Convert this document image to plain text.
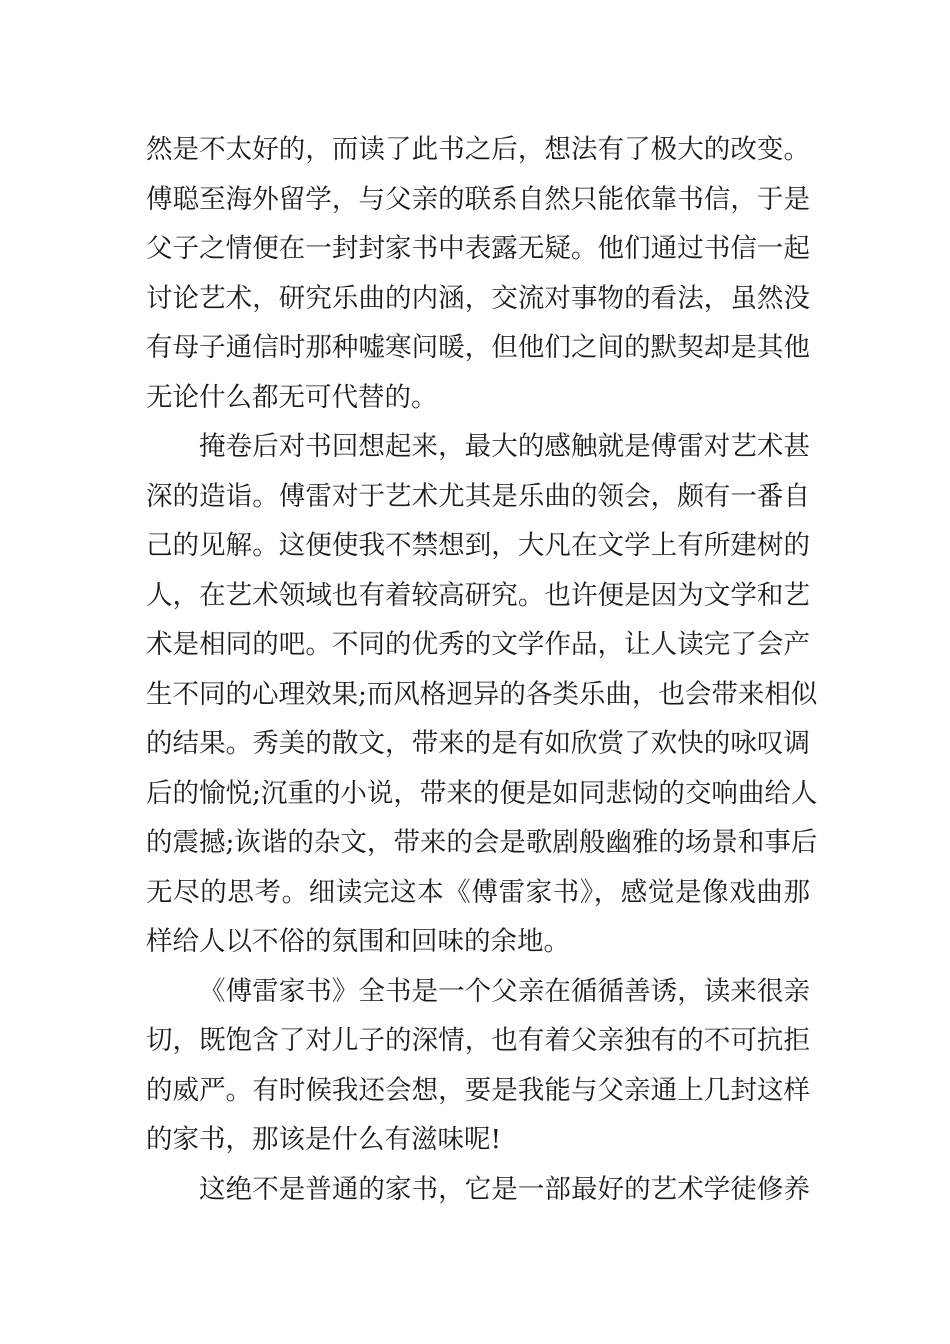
然是不太好的，而读了此书之后，想法有了极大的改变。
傅聪至海外留学，与父亲的联系自然只能依靠书信，于是
父子之情便在一封封家书中表露无疑。他们通过书信一起
讨论艺术，研究乐曲的内涵，交流对事物的看法，虽然没
有母子通信时那种嘘寒问暖，但他们之间的默契却是其他
无论什么都无可代替的。
掩卷后对书回想起来，最大的感触就是傅雷对艺术甚
深的造诣。傅雷对于艺术尤其是乐曲的领会，颇有一番自
己的见解。这便使我不禁想到，大凡在文学上有所建树的
人，在艺术领域也有着较高研究。也许便是因为文学和艺
术是相同的吧。不同的优秀的文学作品，让人读完了会产
生不同的心理效果;而风格迥异的各类乐曲，也会带来相似
的结果。秀美的散文，带来的是有如欣赏了欢快的咏叹调
后的愉悦;沉重的小说，带来的便是如同悲恸的交响曲给人
的震撼;诙谐的杂文，带来的会是歌剧般幽雅的场景和事后
无尽的思考。细读完这本《傅雷家书》，感觉是像戏曲那
样给人以不俗的氛围和回味的余地。
《傅雷家书》全书是一个父亲在循循善诱，读来很亲
切，既饱含了对儿子的深情，也有着父亲独有的不可抗拒
的威严。有时候我还会想，要是我能与父亲通上几封这样
的家书，那该是什么有滋味呢!
这绝不是普通的家书，它是一部最好的艺术学徒修养
